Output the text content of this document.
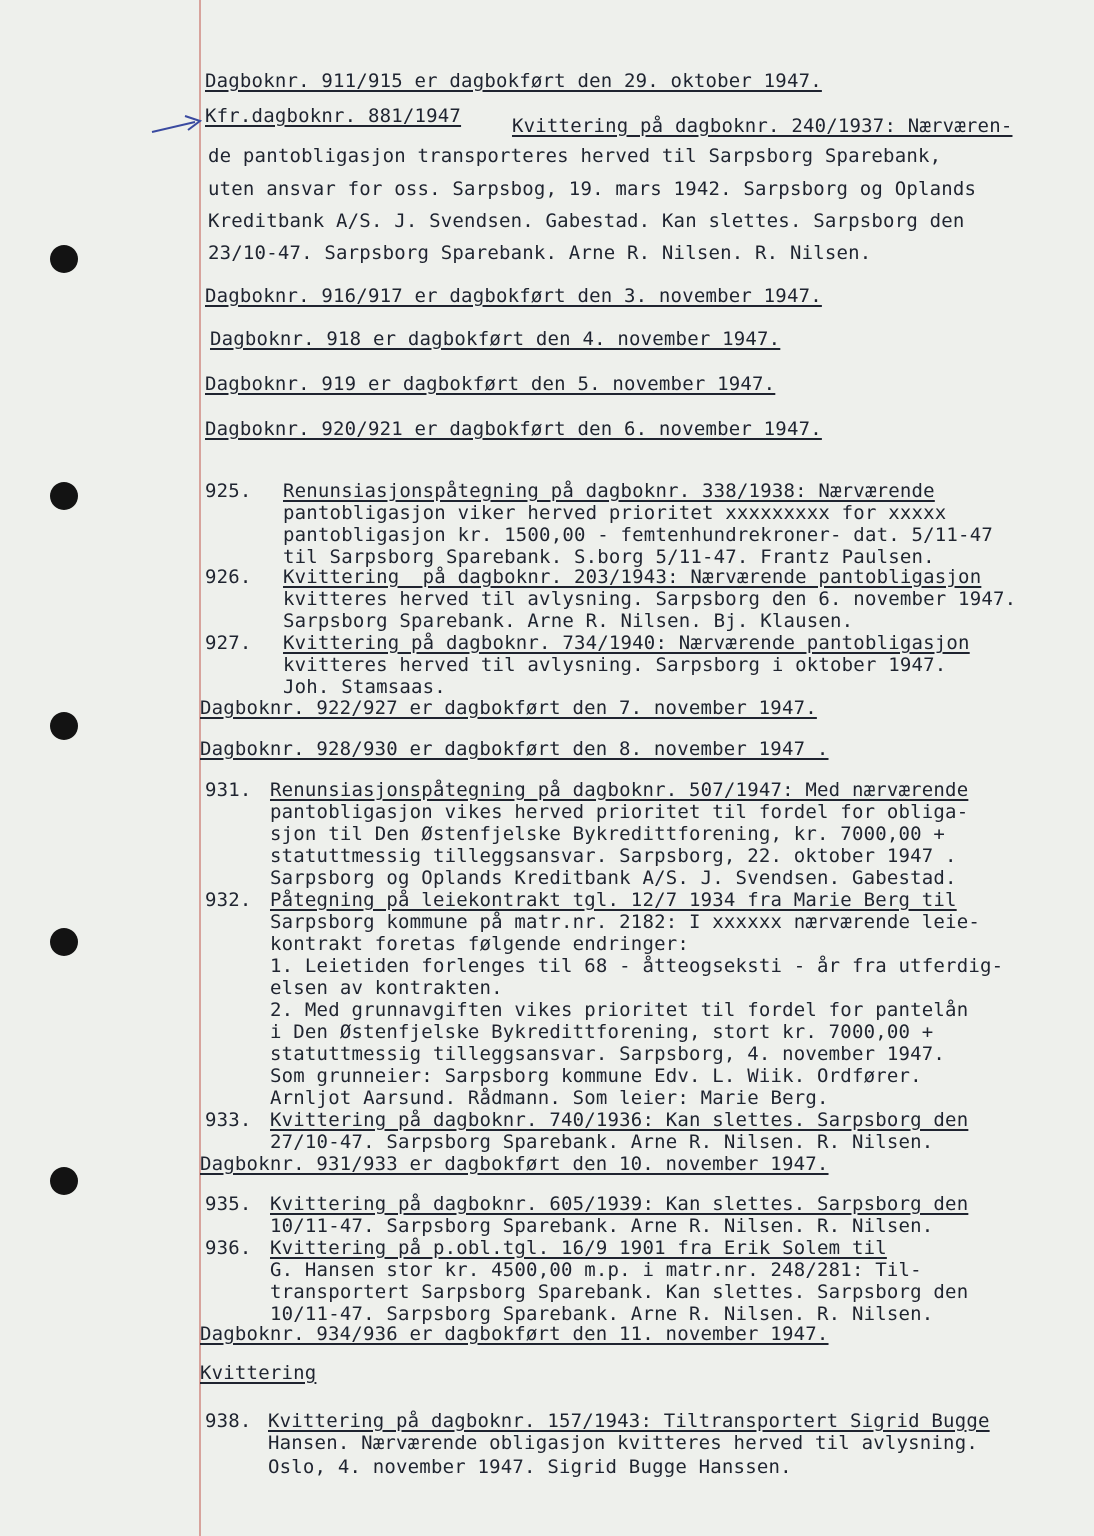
Dagboknr. 911/915 er dagbokført den 29. oktober 1947.
Kfr.dagboknr. 881/1947	Kvittering på dagboknr. 240/1937: Nærværen-
de pantobligasjon transporteres herved til Sarpsborg Sparebank,
uten ansvar for oss. Sarpsbog, 19. mars 1942. Sarpsborg og Oplands
Kreditbank A/S. J. Svendsen. Gabestad. Kan slettes. Sarpsborg den
23/10-47. Sarpsborg Sparebank. Arne R. Nilsen. R. Nilsen.
Dagboknr. 916/917 er dagbokført den 3. november 1947.
Dagboknr. 918 er dagbokført den 4. november 1947.
Dagboknr. 919 er dagbokført den 5. november 1947.
Dagboknr. 920/921 er dagbokført den 6. november 1947.
925. Renunsiasjonspåtegning på dagboknr. 338/1938: Nærværende
pantobligasjon viker herved prioritet xxxxxxxxx for xxxxx
pantobligasjon kr. 1500,00 - femtenhundrekroner- dat. 5/11-47
til Sarpsborg Sparebank. S.borg 5/11-47. Frantz Paulsen.
926. Kvittering  på dagboknr. 203/1943: Nærværende pantobligasjon
kvitteres herved til avlysning. Sarpsborg den 6. november 1947.
Sarpsborg Sparebank. Arne R. Nilsen. Bj. Klausen.
927. Kvittering på dagboknr. 734/1940: Nærværende pantobligasjon
kvitteres herved til avlysning. Sarpsborg i oktober 1947.
Joh. Stamsaas.
Dagboknr. 922/927 er dagbokført den 7. november 1947.
Dagboknr. 928/930 er dagbokført den 8. november 1947 .
931. Renunsiasjonspåtegning på dagboknr. 507/1947: Med nærværende
pantobligasjon vikes herved prioritet til fordel for obliga-
sjon til Den Østenfjelske Bykredittforening, kr. 7000,00 +
statuttmessig tilleggsansvar. Sarpsborg, 22. oktober 1947 .
Sarpsborg og Oplands Kreditbank A/S. J. Svendsen. Gabestad.
932. Påtegning på leiekontrakt tgl. 12/7 1934 fra Marie Berg til
Sarpsborg kommune på matr.nr. 2182: I xxxxxx nærværende leie-
kontrakt foretas følgende endringer:
1. Leietiden forlenges til 68 - åtteogseksti - år fra utferdig-
elsen av kontrakten.
2. Med grunnavgiften vikes prioritet til fordel for pantelån
i Den Østenfjelske Bykredittforening, stort kr. 7000,00 +
statuttmessig tilleggsansvar. Sarpsborg, 4. november 1947.
Som grunneier: Sarpsborg kommune Edv. L. Wiik. Ordfører.
Arnljot Aarsund. Rådmann. Som leier: Marie Berg.
933. Kvittering på dagboknr. 740/1936: Kan slettes. Sarpsborg den
27/10-47. Sarpsborg Sparebank. Arne R. Nilsen. R. Nilsen.
Dagboknr. 931/933 er dagbokført den 10. november 1947.
935. Kvittering på dagboknr. 605/1939: Kan slettes. Sarpsborg den
10/11-47. Sarpsborg Sparebank. Arne R. Nilsen. R. Nilsen.
936. Kvittering på p.obl.tgl. 16/9 1901 fra Erik Solem til
G. Hansen stor kr. 4500,00 m.p. i matr.nr. 248/281: Til-
transportert Sarpsborg Sparebank. Kan slettes. Sarpsborg den
10/11-47. Sarpsborg Sparebank. Arne R. Nilsen. R. Nilsen.
Dagboknr. 934/936 er dagbokført den 11. november 1947.
Kvittering
938. Kvittering på dagboknr. 157/1943: Tiltransportert Sigrid Bugge
Hansen. Nærværende obligasjon kvitteres herved til avlysning.
Oslo, 4. november 1947. Sigrid Bugge Hanssen.
